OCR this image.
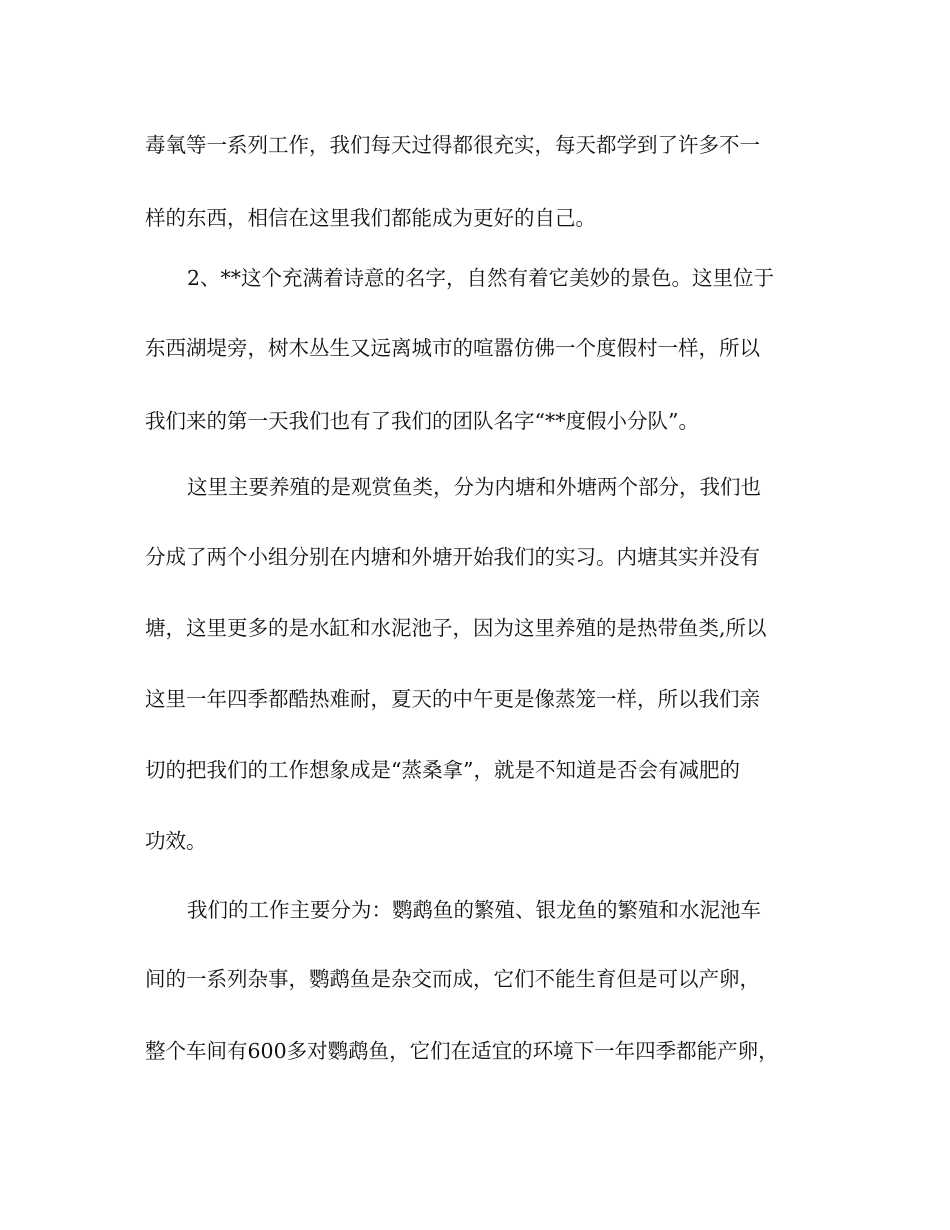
毒氧等一系列工作，我们每天过得都很充实，每天都学到了许多不一
样的东西，相信在这里我们都能成为更好的自己。
2、**这个充满着诗意的名字，自然有着它美妙的景色。这里位于
东西湖堤旁，树木丛生又远离城市的喧嚣仿佛一个度假村一样，所以
我们来的第一天我们也有了我们的团队名字“**度假小分队”。
这里主要养殖的是观赏鱼类，分为内塘和外塘两个部分，我们也
分成了两个小组分别在内塘和外塘开始我们的实习。内塘其实并没有
塘，这里更多的是水缸和水泥池子，因为这里养殖的是热带鱼类,所以
这里一年四季都酷热难耐，夏天的中午更是像蒸笼一样，所以我们亲
切的把我们的工作想象成是“蒸桑拿”，就是不知道是否会有减肥的
功效。
我们的工作主要分为：鹦鹉鱼的繁殖、银龙鱼的繁殖和水泥池车
间的一系列杂事，鹦鹉鱼是杂交而成，它们不能生育但是可以产卵，
整个车间有600多对鹦鹉鱼，它们在适宜的环境下一年四季都能产卵，
